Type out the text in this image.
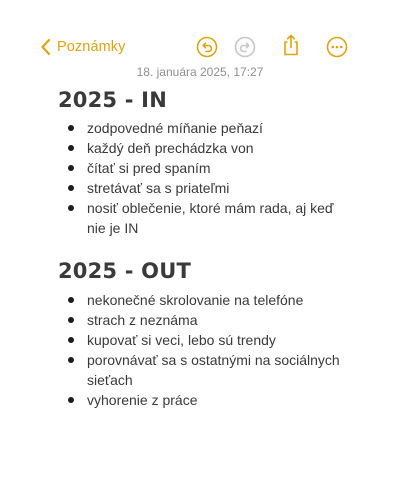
Poznámky
18. januára 2025, 17:27
2025 - IN
zodpovedné míňanie peňazí
každý deň prechádzka von
čítať si pred spaním
stretávať sa s priateľmi
nosiť oblečenie, ktoré mám rada, aj keď nie je IN
2025 - OUT
nekonečné skrolovanie na telefóne
strach z neznáma
kupovať si veci, lebo sú trendy
porovnávať sa s ostatnými na sociálnych sieťach
vyhorenie z práce
